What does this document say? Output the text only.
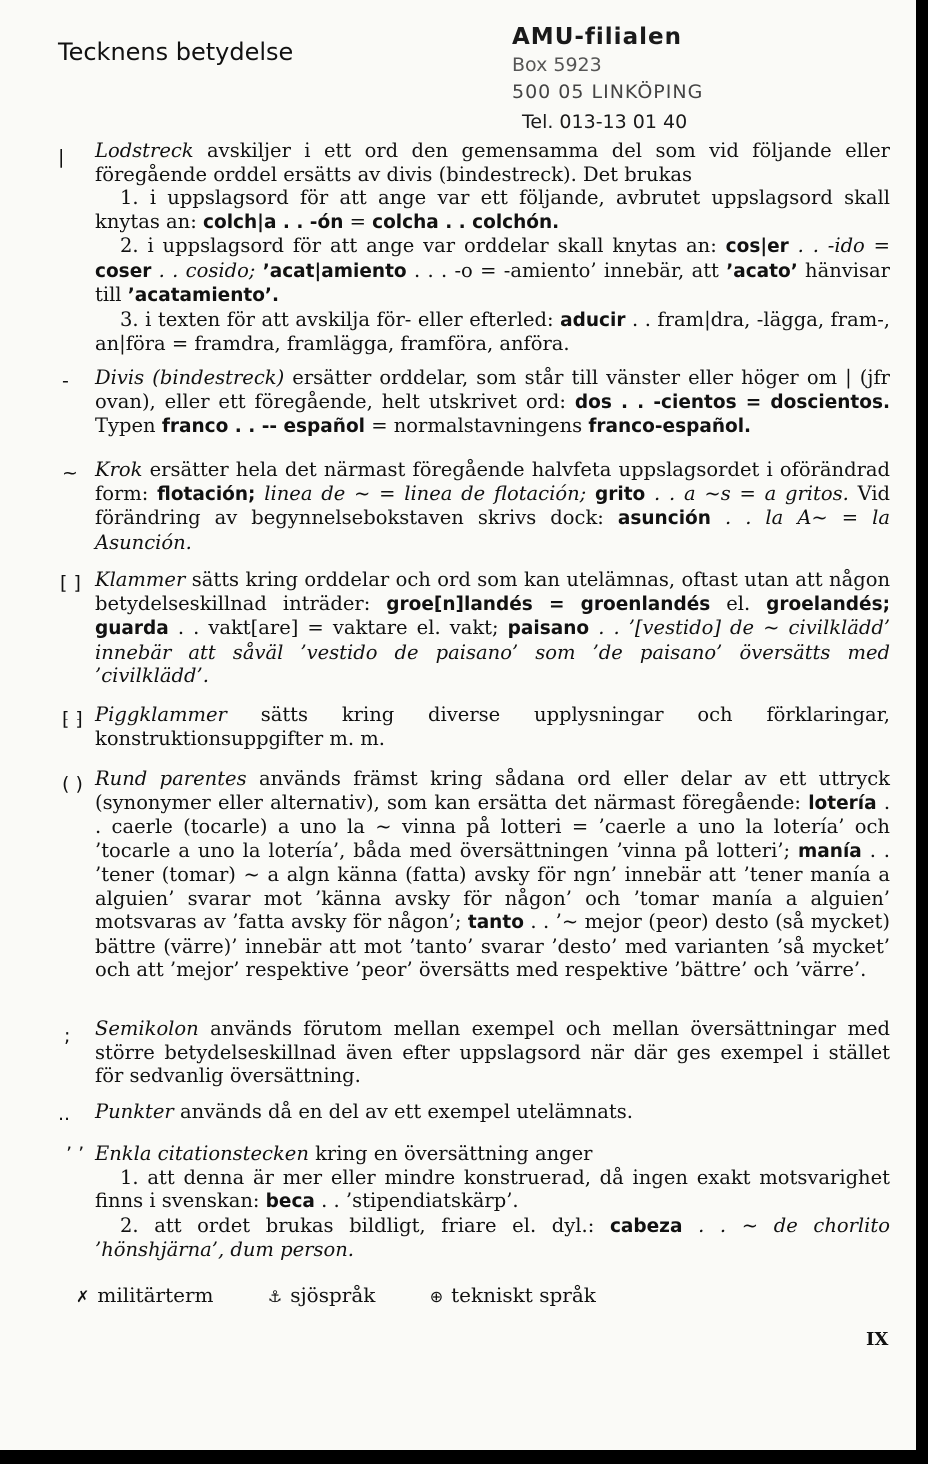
Tecknens betydelse
AMU-filialen
Box 5923
500 05 LINKÖPING
Tel. 013-13 01 40
|	Lodstreck avskiljer i ett ord den gemensamma del som vid följande eller föregående orddel ersätts av divis (bindestreck). Det brukas
1. i uppslagsord för att ange var ett följande, avbrutet uppslagsord skall knytas an: colch|a . . -ón = colcha . . colchón.
2. i uppslagsord för att ange var orddelar skall knytas an: cos|er . . -ido = coser . . cosido; ’acat|amiento . . . -o = -amiento’ innebär, att ’acato’ hänvisar till ’acatamiento’.
3. i texten för att avskilja för- eller efterled: aducir . . fram|dra, -lägga, fram-, an|föra = framdra, framlägga, framföra, anföra.
-	Divis (bindestreck) ersätter orddelar, som står till vänster eller höger om | (jfr ovan), eller ett föregående, helt utskrivet ord: dos . . -cientos = doscientos. Typen franco . . -- español = normalstavningens franco-español.
~ Krok ersätter hela det närmast föregående halvfeta uppslagsordet i oförändrad form: flotación; linea de ~ = linea de flotación; grito . . a ~s = a gritos. Vid förändring av begynnelsebokstaven skrivs dock: asunción . . la A~ = la Asunción.
[ ] Klammer sätts kring orddelar och ord som kan utelämnas, oftast utan att någon betydelseskillnad inträder: groe[n]landés = groenlandés el. groelandés; guarda . . vakt[are] = vaktare el. vakt; paisano . . ’[vestido] de ~ civilklädd’ innebär att såväl ’vestido de paisano’ som ’de paisano’ översätts med ’civilklädd’.
⁅ ⁆ Piggklammer sätts kring diverse upplysningar och förklaringar, konstruktionsuppgifter m. m.
( ) Rund parentes används främst kring sådana ord eller delar av ett uttryck (synonymer eller alternativ), som kan ersätta det närmast föregående: lotería . . caerle (tocarle) a uno la ~ vinna på lotteri = ’caerle a uno la lotería’ och ’tocarle a uno la lotería’, båda med översättningen ’vinna på lotteri’; manía . . ’tener (tomar) ~ a algn känna (fatta) avsky för ngn’ innebär att ’tener manía a alguien’ svarar mot ’känna avsky för någon’ och ’tomar manía a alguien’ motsvaras av ’fatta avsky för någon’; tanto . . ’~ mejor (peor) desto (så mycket) bättre (värre)’ innebär att mot ’tanto’ svarar ’desto’ med varianten ’så mycket’ och att ’mejor’ respektive ’peor’ översätts med respektive ’bättre’ och ’värre’.
;	Semikolon används förutom mellan exempel och mellan översättningar med större betydelseskillnad även efter uppslagsord när där ges exempel i stället för sedvanlig översättning.
..	Punkter används då en del av ett exempel utelämnats.
’ ’ Enkla citationstecken kring en översättning anger
1. att denna är mer eller mindre konstruerad, då ingen exakt motsvarighet finns i svenskan: beca . . ’stipendiatskärp’.
2. att ordet brukas bildligt, friare el. dyl.: cabeza . . ~ de chorlito ’hönshjärna’, dum person.
✗ militärterm	⚓ sjöspråk	⊕ tekniskt språk
IX
